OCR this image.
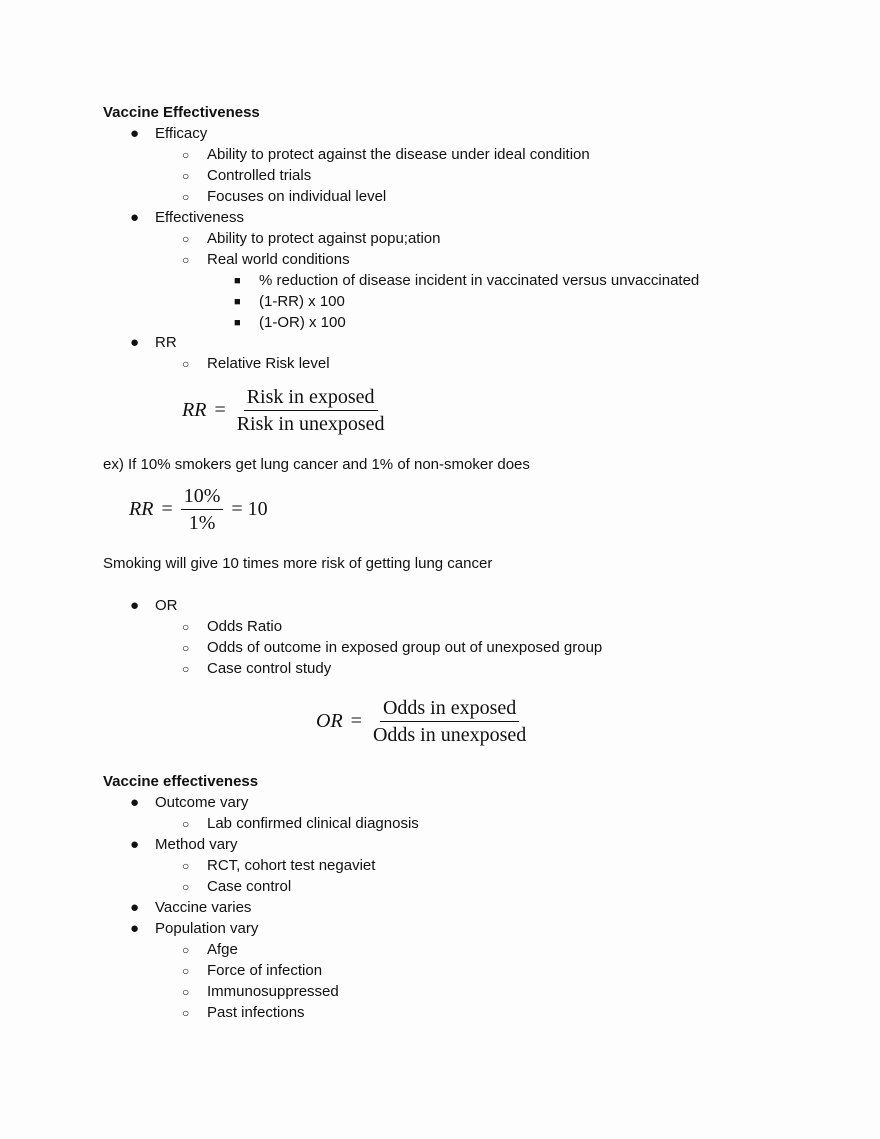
Vaccine Effectiveness
● Efficacy
○ Ability to protect against the disease under ideal condition
○ Controlled trials
○ Focuses on individual level
● Effectiveness
○ Ability to protect against popu;ation
○ Real world conditions
■ % reduction of disease incident in vaccinated versus unvaccinated
■ (1-RR) x 100
■ (1-OR) x 100
● RR
○ Relative Risk level
RR = $\frac{\text{Risk in exposed}}{\text{Risk in unexposed}}$
ex) If 10% smokers get lung cancer and 1% of non-smoker does
RR = $\frac{10\%}{1\%} = 10$
Smoking will give 10 times more risk of getting lung cancer
● OR
○ Odds Ratio
○ Odds of outcome in exposed group out of unexposed group
○ Case control study
OR = $\frac{\text{Odds in exposed}}{\text{Odds in unexposed}}$
Vaccine effectiveness
● Outcome vary
○ Lab confirmed clinical diagnosis
● Method vary
○ RCT, cohort test negaviet
○ Case control
● Vaccine varies
● Population vary
○ Afge
○ Force of infection
○ Immunosuppressed
○ Past infections
